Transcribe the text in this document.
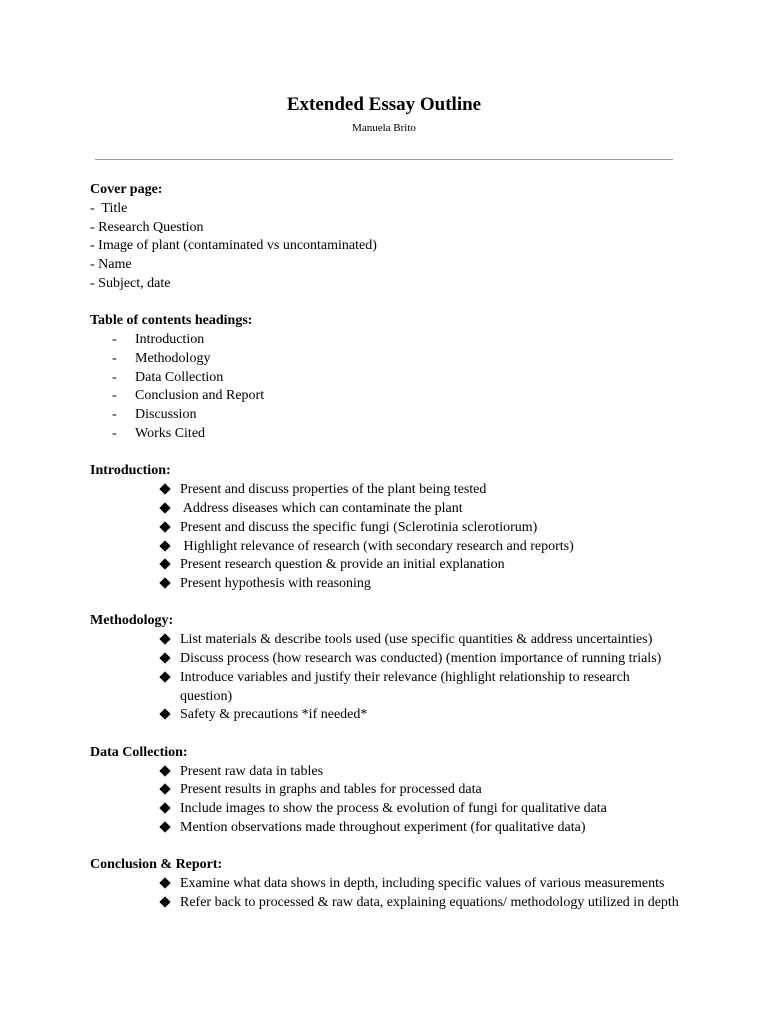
Extended Essay Outline
Manuela Brito
Cover page:
-  Title
- Research Question
- Image of plant (contaminated vs uncontaminated)
- Name
- Subject, date
Table of contents headings:
- Introduction
- Methodology
- Data Collection
- Conclusion and Report
- Discussion
- Works Cited
Introduction:
Present and discuss properties of the plant being tested
Address diseases which can contaminate the plant
Present and discuss the specific fungi (Sclerotinia sclerotiorum)
Highlight relevance of research (with secondary research and reports)
Present research question & provide an initial explanation
Present hypothesis with reasoning
Methodology:
List materials & describe tools used (use specific quantities & address uncertainties)
Discuss process (how research was conducted) (mention importance of running trials)
Introduce variables and justify their relevance (highlight relationship to research question)
Safety & precautions *if needed*
Data Collection:
Present raw data in tables
Present results in graphs and tables for processed data
Include images to show the process & evolution of fungi for qualitative data
Mention observations made throughout experiment (for qualitative data)
Conclusion & Report:
Examine what data shows in depth, including specific values of various measurements
Refer back to processed & raw data, explaining equations/ methodology utilized in depth
